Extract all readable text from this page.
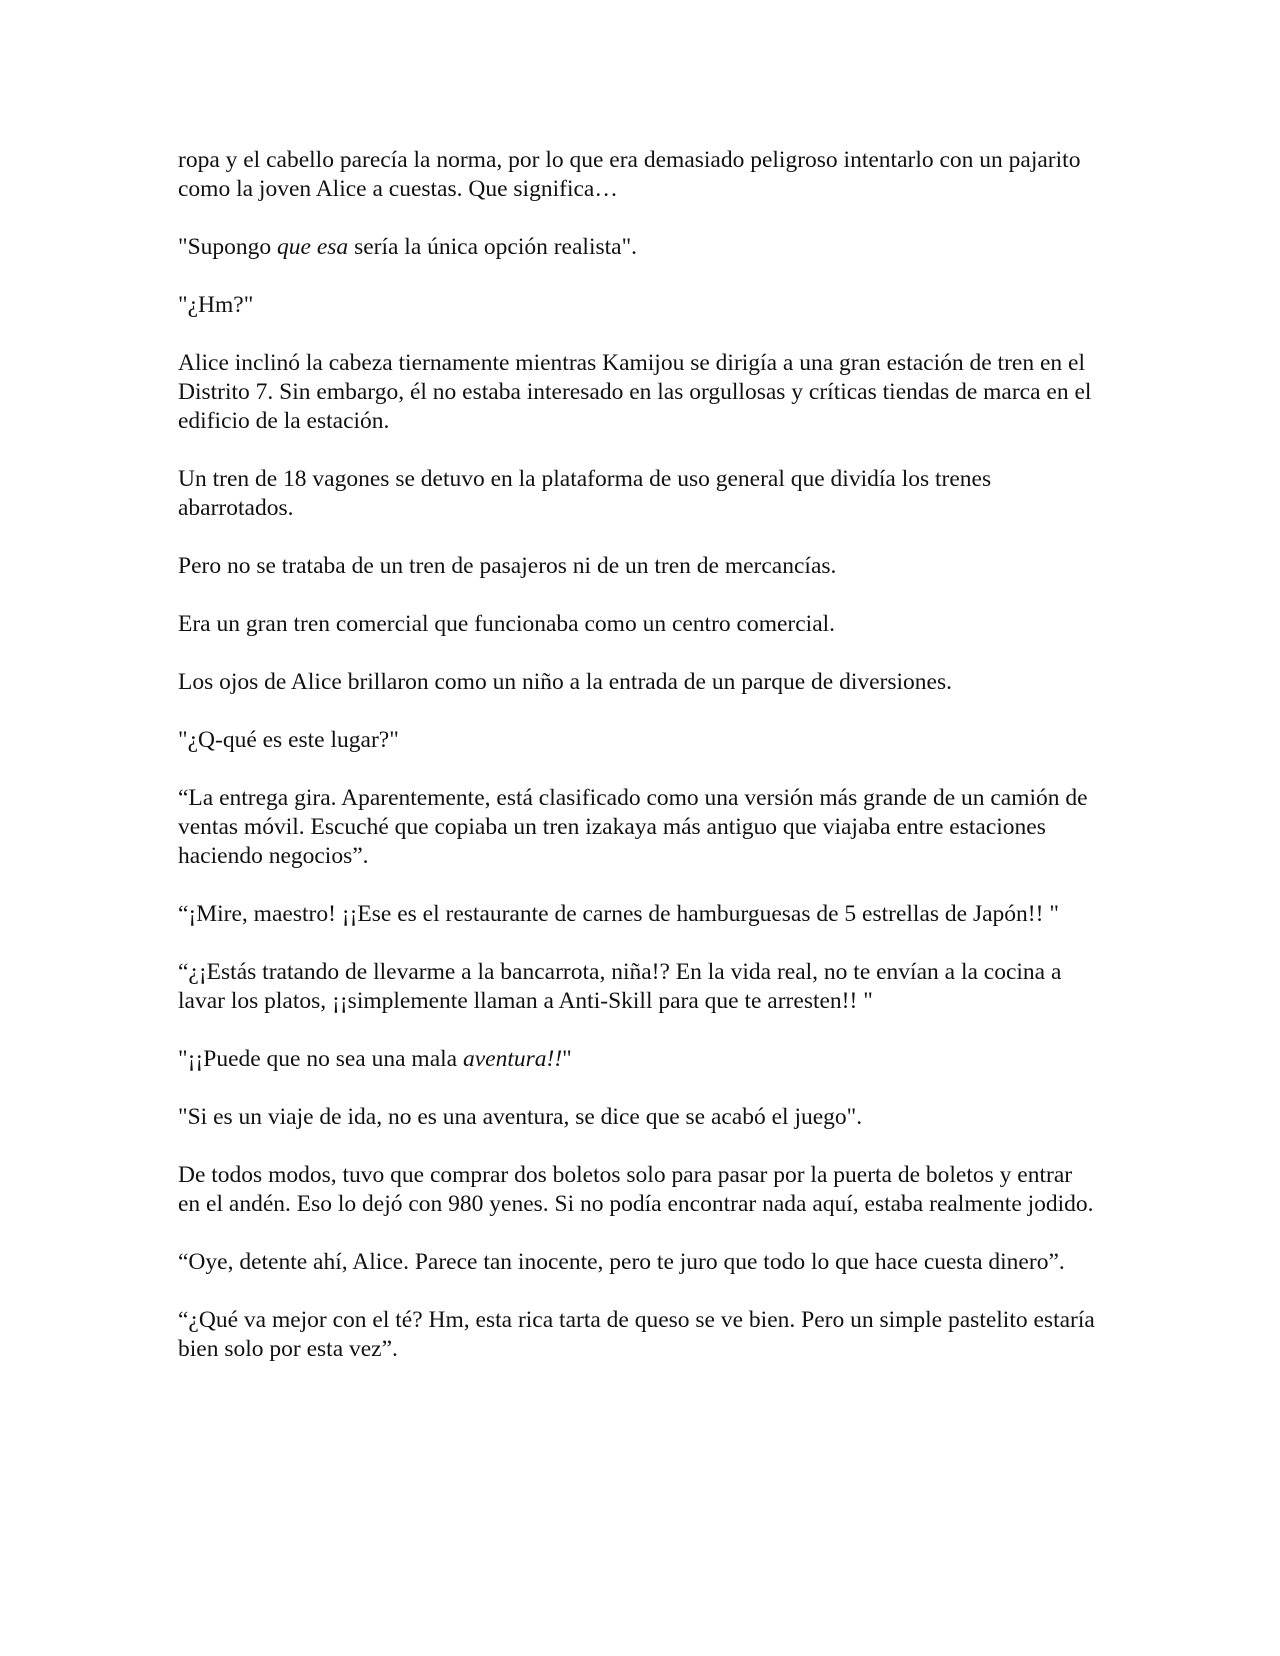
ropa y el cabello parecía la norma, por lo que era demasiado peligroso intentarlo con un pajarito como la joven Alice a cuestas. Que significa…

"Supongo que esa sería la única opción realista".

"¿Hm?"

Alice inclinó la cabeza tiernamente mientras Kamijou se dirigía a una gran estación de tren en el Distrito 7. Sin embargo, él no estaba interesado en las orgullosas y críticas tiendas de marca en el edificio de la estación.

Un tren de 18 vagones se detuvo en la plataforma de uso general que dividía los trenes abarrotados.

Pero no se trataba de un tren de pasajeros ni de un tren de mercancías.

Era un gran tren comercial que funcionaba como un centro comercial.

Los ojos de Alice brillaron como un niño a la entrada de un parque de diversiones.

"¿Q-qué es este lugar?"

“La entrega gira. Aparentemente, está clasificado como una versión más grande de un camión de ventas móvil. Escuché que copiaba un tren izakaya más antiguo que viajaba entre estaciones haciendo negocios”.

“¡Mire, maestro! ¡¡Ese es el restaurante de carnes de hamburguesas de 5 estrellas de Japón!! "

“¿¡Estás tratando de llevarme a la bancarrota, niña!? En la vida real, no te envían a la cocina a lavar los platos, ¡¡simplemente llaman a Anti-Skill para que te arresten!! "

"¡¡Puede que no sea una mala aventura!!"

"Si es un viaje de ida, no es una aventura, se dice que se acabó el juego".

De todos modos, tuvo que comprar dos boletos solo para pasar por la puerta de boletos y entrar en el andén. Eso lo dejó con 980 yenes. Si no podía encontrar nada aquí, estaba realmente jodido.

“Oye, detente ahí, Alice. Parece tan inocente, pero te juro que todo lo que hace cuesta dinero”.

“¿Qué va mejor con el té? Hm, esta rica tarta de queso se ve bien. Pero un simple pastelito estaría bien solo por esta vez”.
